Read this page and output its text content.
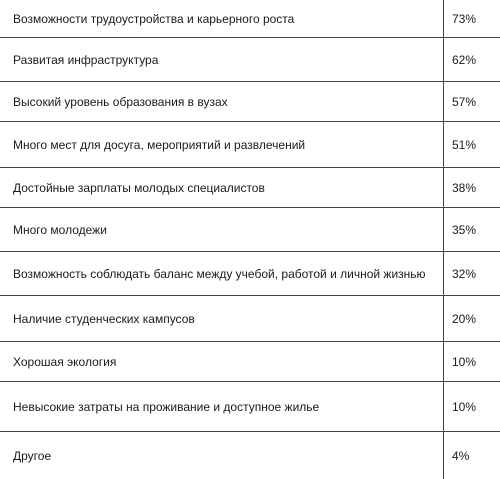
Возможности трудоустройства и карьерного роста	73%
Развитая инфраструктура	62%
Высокий уровень образования в вузах	57%
Много мест для досуга, мероприятий и развлечений	51%
Достойные зарплаты молодых специалистов	38%
Много молодежи	35%
Возможность соблюдать баланс между учебой, работой и личной жизнью	32%
Наличие студенческих кампусов	20%
Хорошая экология	10%
Невысокие затраты на проживание и доступное жилье	10%
Другое	4%
